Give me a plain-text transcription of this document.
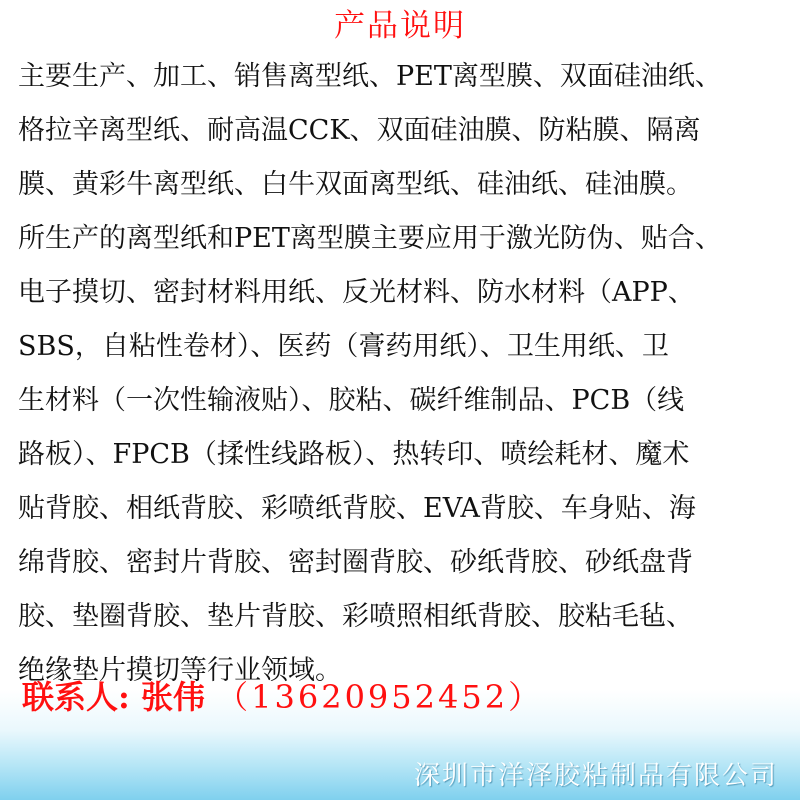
产品说明
主要生产、加工、销售离型纸、PET离型膜、双面硅油纸、
格拉辛离型纸、耐高温CCK、双面硅油膜、防粘膜、隔离
膜、黄彩牛离型纸、白牛双面离型纸、硅油纸、硅油膜。
所生产的离型纸和PET离型膜主要应用于激光防伪、贴合、
电子摸切、密封材料用纸、反光材料、防水材料（APP、
SBS，自粘性卷材）、医药（膏药用纸）、卫生用纸、卫
生材料（一次性输液贴）、胶粘、碳纤维制品、PCB（线
路板）、FPCB（揉性线路板）、热转印、喷绘耗材、魔术
贴背胶、相纸背胶、彩喷纸背胶、EVA背胶、车身贴、海
绵背胶、密封片背胶、密封圈背胶、砂纸背胶、砂纸盘背
胶、垫圈背胶、垫片背胶、彩喷照相纸背胶、胶粘毛毡、
绝缘垫片摸切等行业领域。
联系人: 张伟 （13620952452）
深圳市洋泽胶粘制品有限公司
